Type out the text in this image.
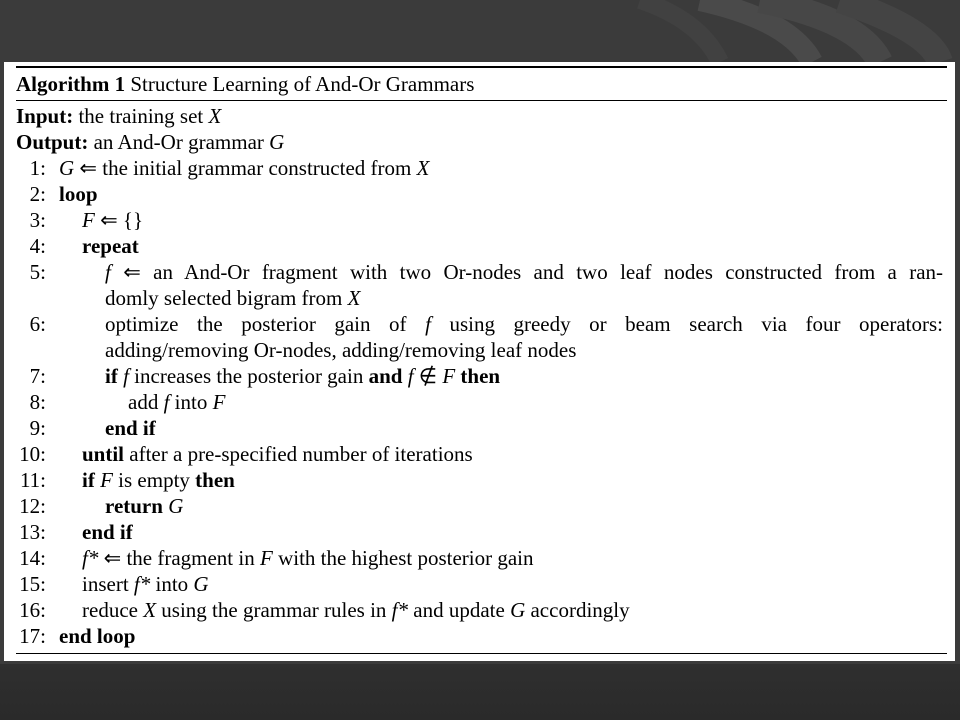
Algorithm 1 Structure Learning of And-Or Grammars
Input: the training set X
Output: an And-Or grammar G
1: G ⇐ the initial grammar constructed from X
2: loop
3: F ⇐ {}
4: repeat
5:	f ⇐ an And-Or fragment with two Or-nodes and two leaf nodes constructed from a ran-
domly selected bigram from X
6:	optimize the posterior gain of f using greedy or beam search via four operators:
adding/removing Or-nodes, adding/removing leaf nodes
7:	if f increases the posterior gain and f ∉ F then
8:	add f into F
9:	end if
10: until after a pre-specified number of iterations
11: if F is empty then
12:	return G
13: end if
14: f* ⇐ the fragment in F with the highest posterior gain
15: insert f* into G
16: reduce X using the grammar rules in f* and update G accordingly
17: end loop
